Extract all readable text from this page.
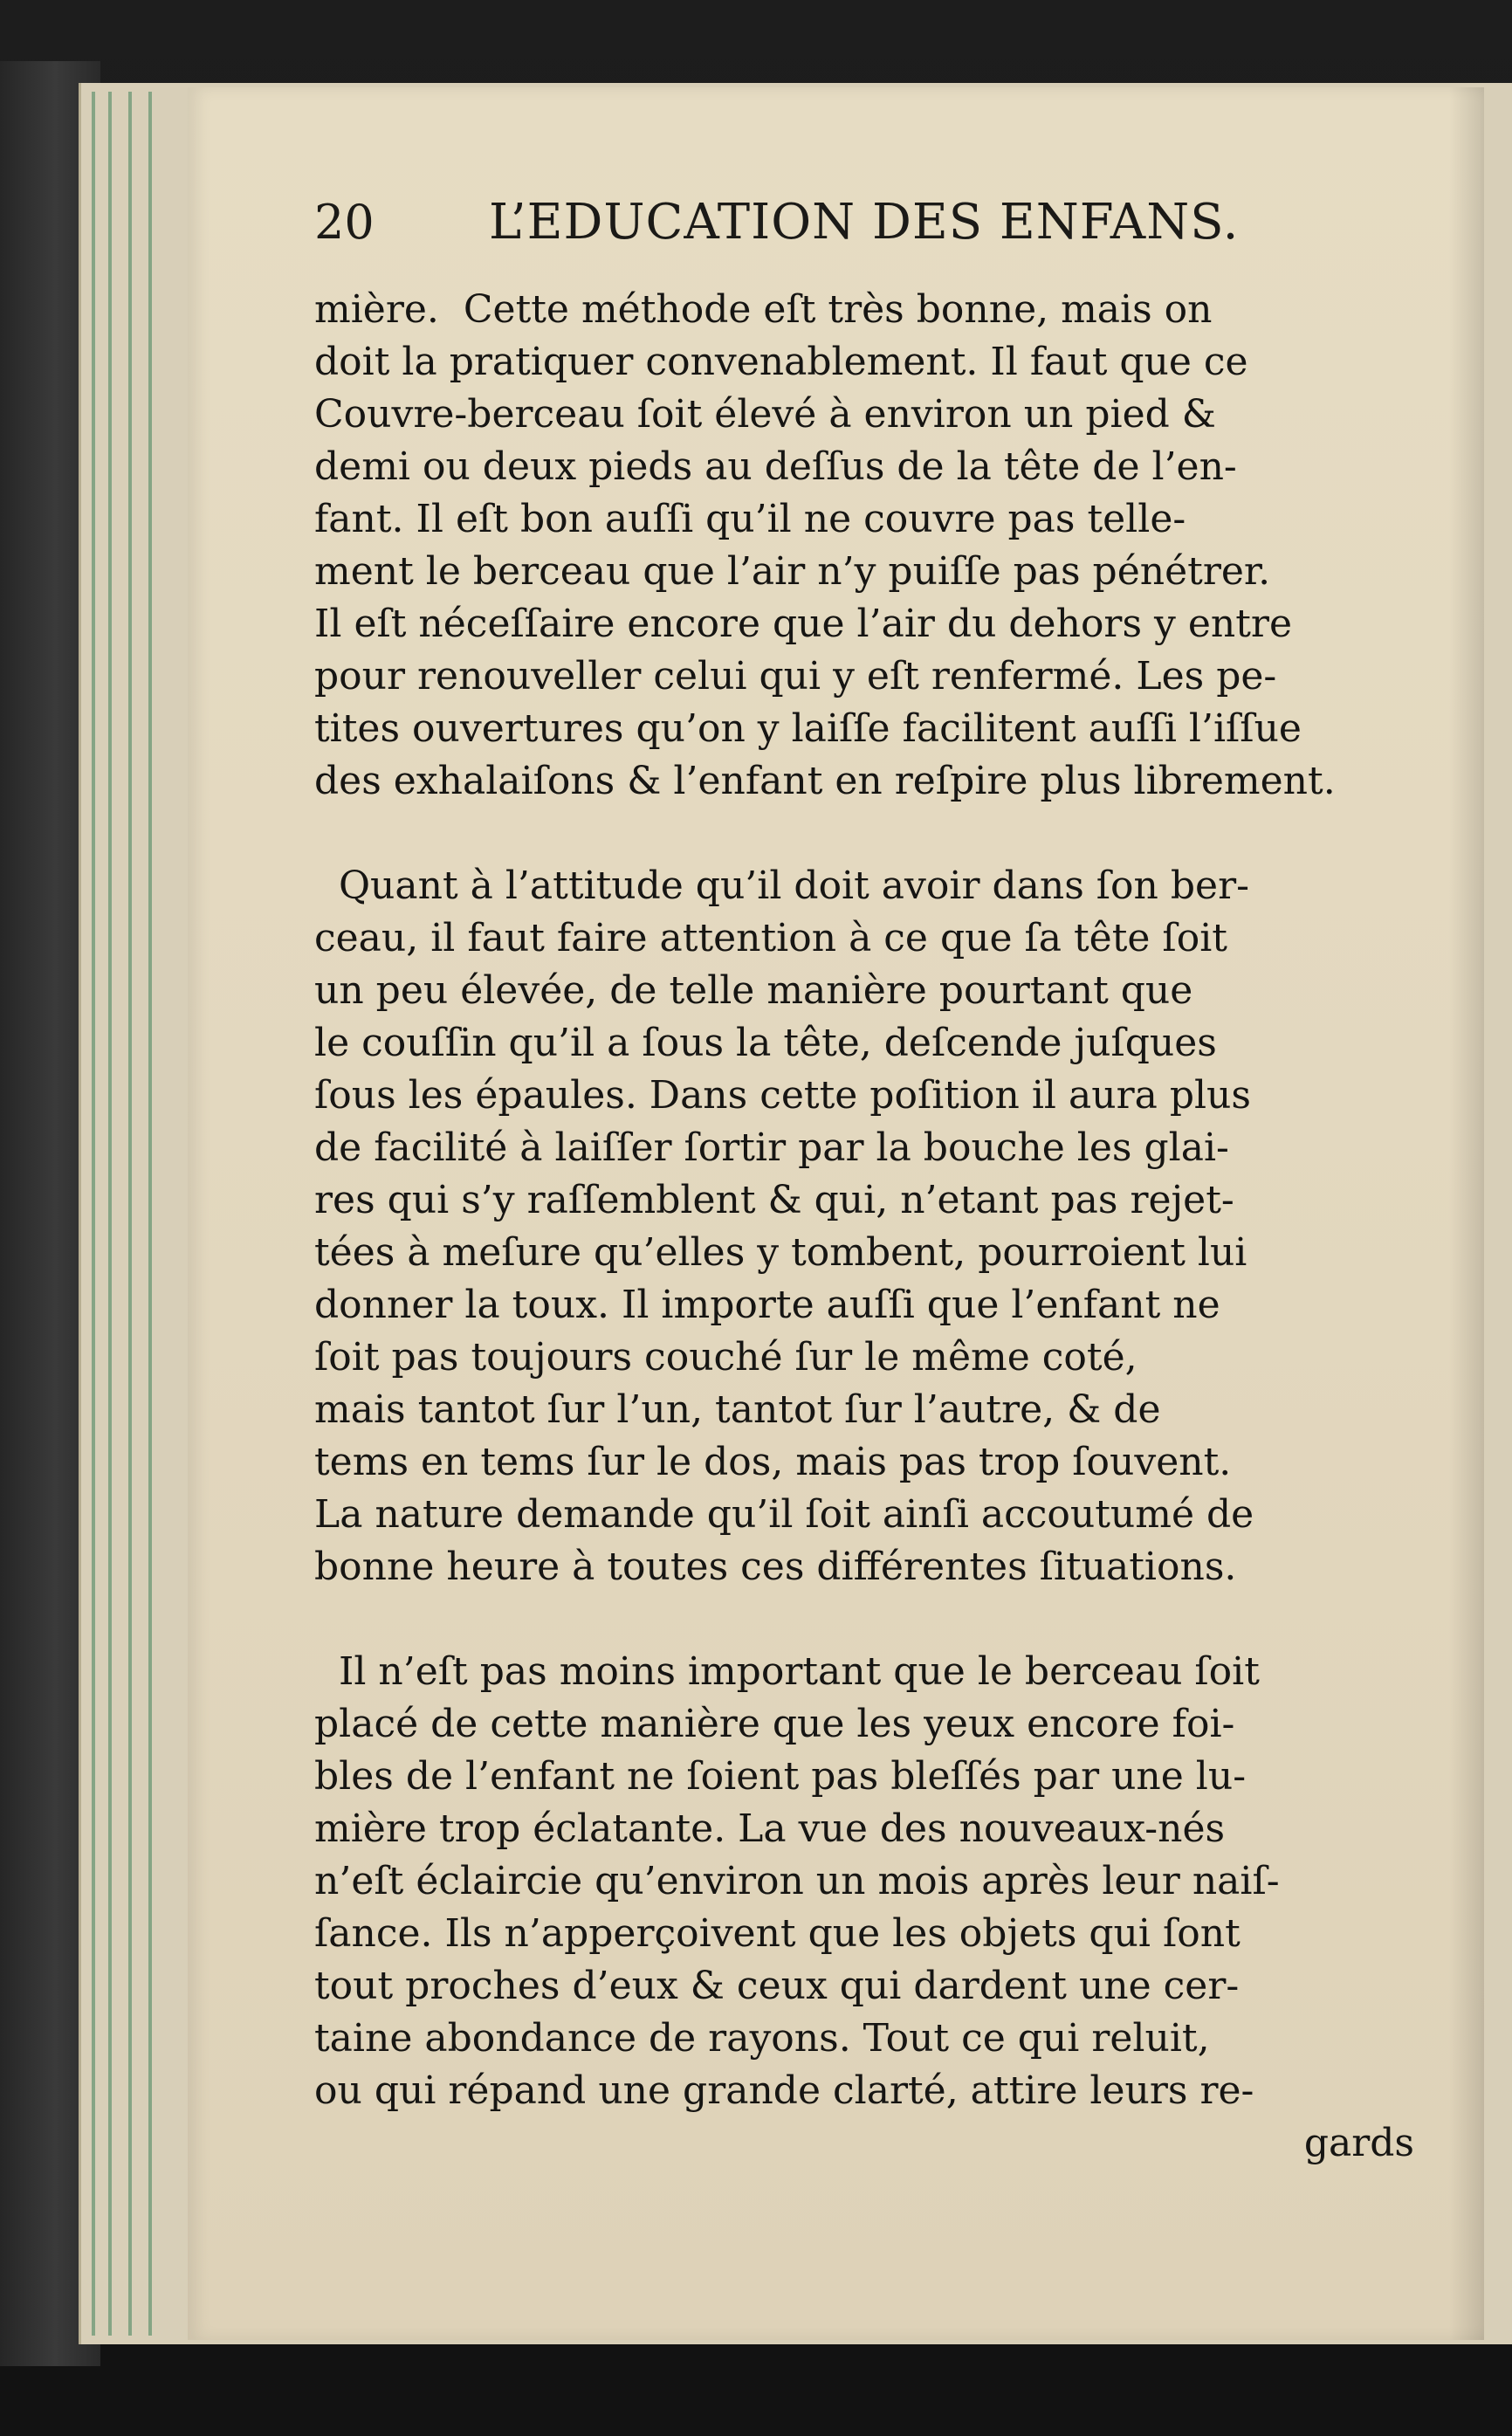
20 L’EDUCATION DES ENFANS.
mière.  Cette méthode eſt très bonne, mais on
doit la pratiquer convenablement. Il faut que ce
Couvre-berceau ſoit élevé à environ un pied &
demi ou deux pieds au deſſus de la tête de l’en-
fant. Il eſt bon auſſi qu’il ne couvre pas telle-
ment le berceau que l’air n’y puiſſe pas pénétrer.
Il eſt néceſſaire encore que l’air du dehors y entre
pour renouveller celui qui y eſt renfermé. Les pe-
tites ouvertures qu’on y laiſſe facilitent auſſi l’iſſue
des exhalaiſons & l’enfant en reſpire plus librement.
Quant à l’attitude qu’il doit avoir dans ſon ber-
ceau, il faut faire attention à ce que ſa tête ſoit
un peu élevée, de telle manière pourtant que
le couſſin qu’il a ſous la tête, deſcende juſques
ſous les épaules. Dans cette poſition il aura plus
de facilité à laiſſer ſortir par la bouche les glai-
res qui s’y raſſemblent & qui, n’etant pas rejet-
tées à meſure qu’elles y tombent, pourroient lui
donner la toux. Il importe auſſi que l’enfant ne
ſoit pas toujours couché ſur le même coté,
mais tantot ſur l’un, tantot ſur l’autre, & de
tems en tems ſur le dos, mais pas trop ſouvent.
La nature demande qu’il ſoit ainſi accoutumé de
bonne heure à toutes ces différentes ſituations.
Il n’eſt pas moins important que le berceau ſoit
placé de cette manière que les yeux encore foi-
bles de l’enfant ne ſoient pas bleſſés par une lu-
mière trop éclatante. La vue des nouveaux-nés
n’eſt éclaircie qu’environ un mois après leur naiſ-
ſance. Ils n’apperçoivent que les objets qui ſont
tout proches d’eux & ceux qui dardent une cer-
taine abondance de rayons. Tout ce qui reluit,
ou qui répand une grande clarté, attire leurs re-
gards
